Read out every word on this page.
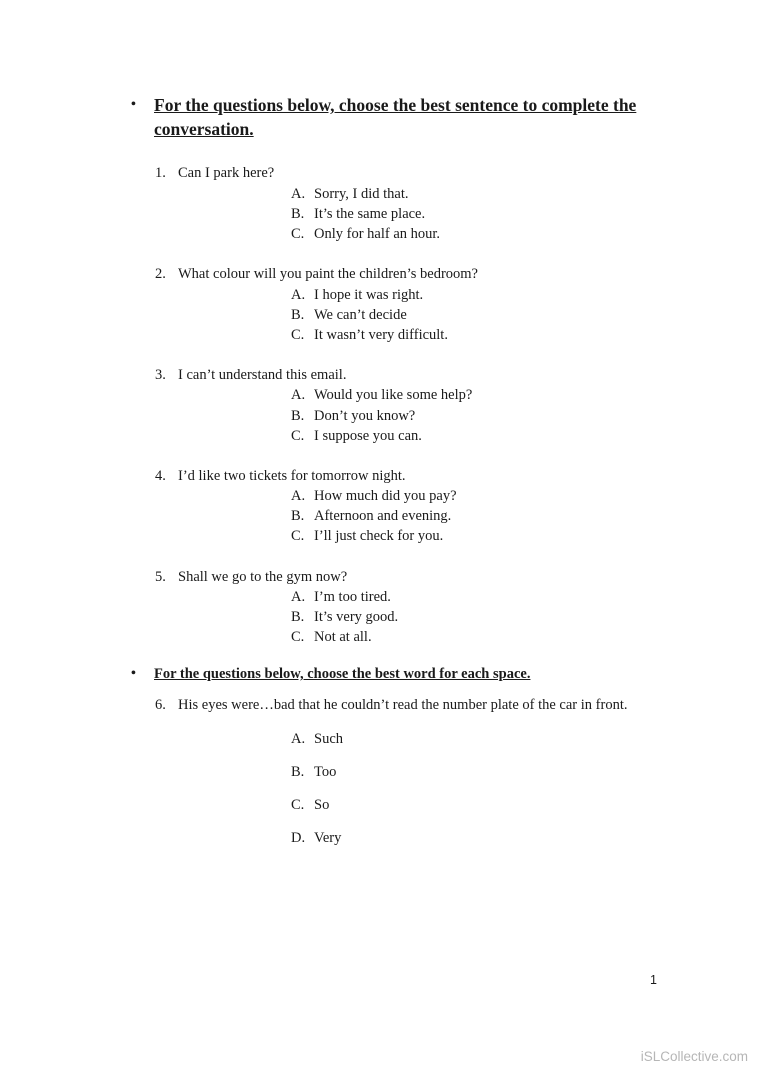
• For the questions below, choose the best sentence to complete the conversation.
1. Can I park here?
A. Sorry, I did that.
B. It’s the same place.
C. Only for half an hour.
2. What colour will you paint the children’s bedroom?
A. I hope it was right.
B. We can’t decide
C. It wasn’t very difficult.
3. I can’t understand this email.
A. Would you like some help?
B. Don’t you know?
C. I suppose you can.
4. I’d like two tickets for tomorrow night.
A. How much did you pay?
B. Afternoon and evening.
C. I’ll just check for you.
5. Shall we go to the gym now?
A. I’m too tired.
B. It’s very good.
C. Not at all.
• For the questions below, choose the best word for each space.
6. His eyes were…bad that he couldn’t read the number plate of the car in front.
A. Such
B. Too
C. So
D. Very
1
iSLCollective.com
